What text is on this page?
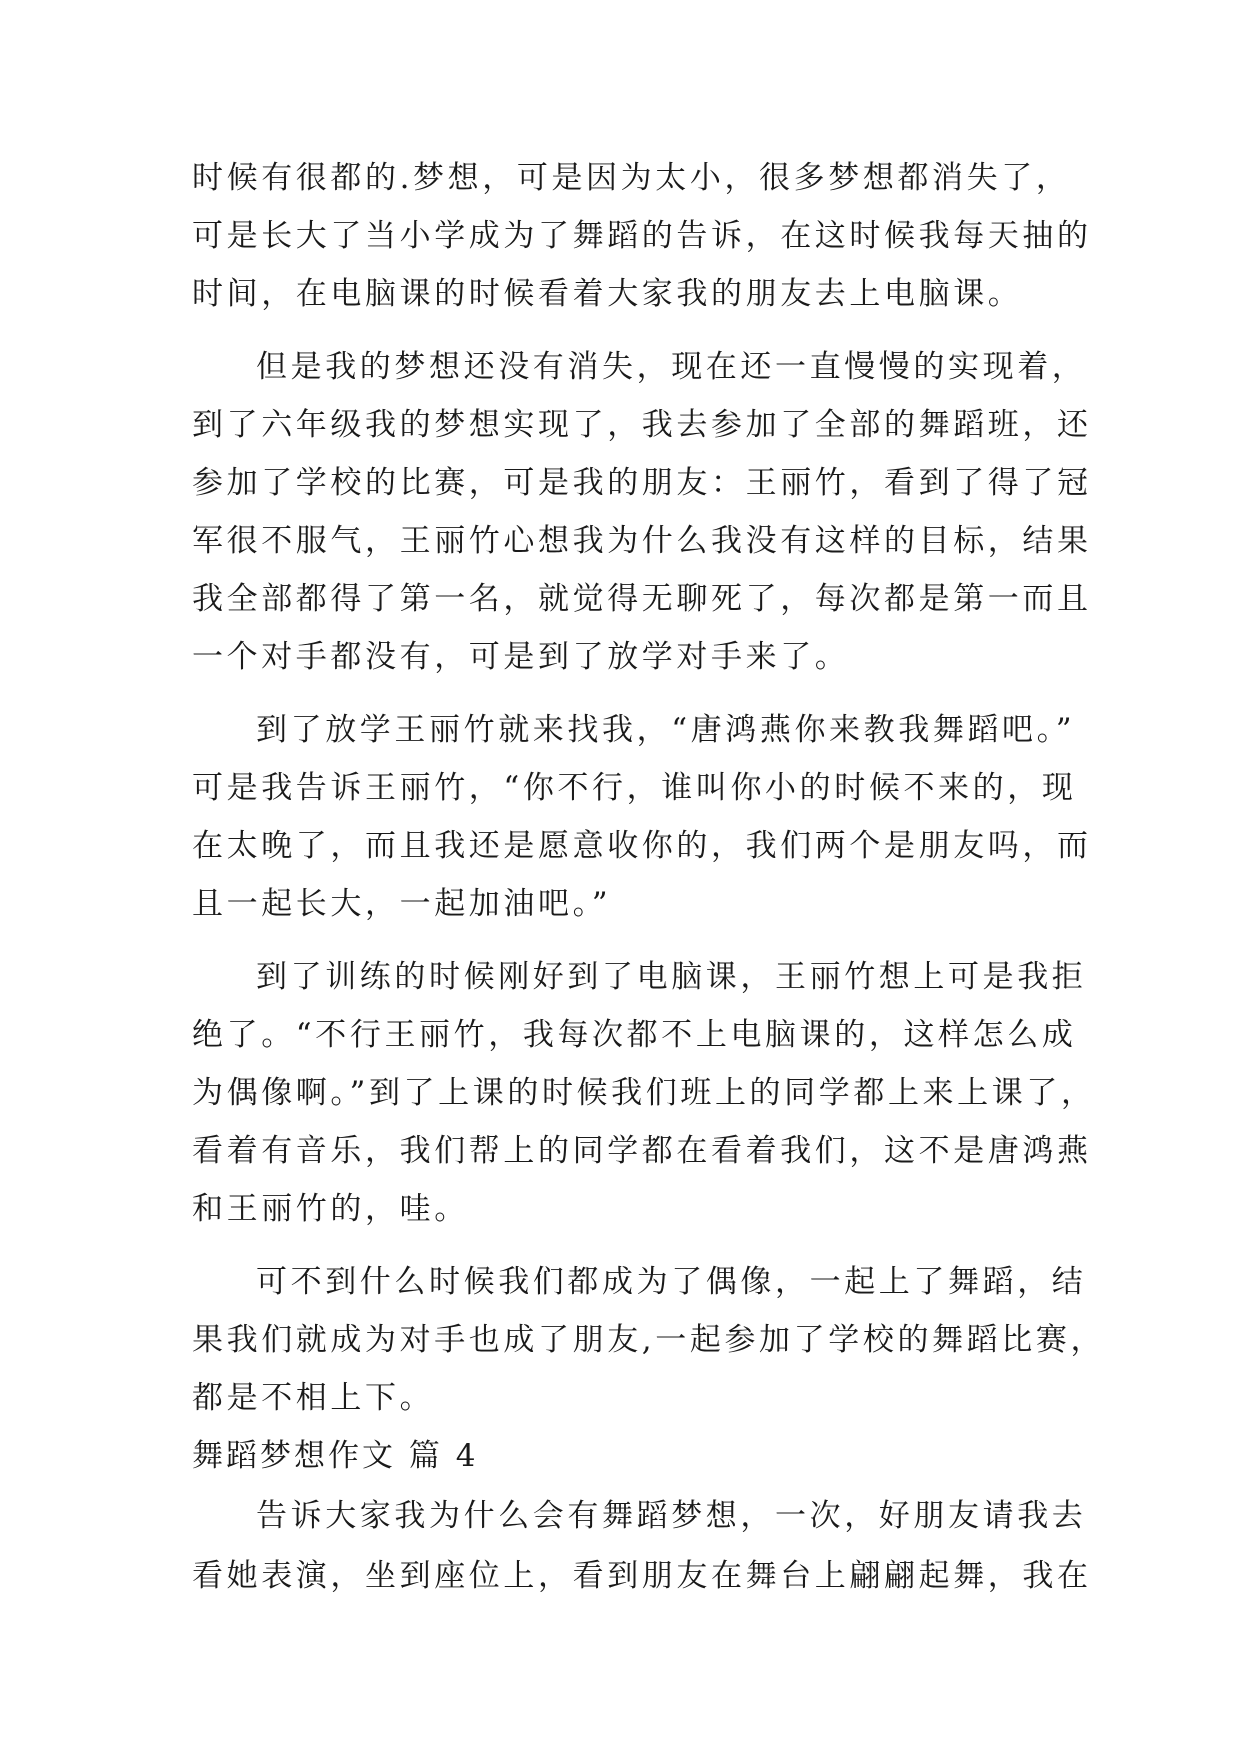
时候有很都的.梦想，可是因为太小，很多梦想都消失了，
可是长大了当小学成为了舞蹈的告诉，在这时候我每天抽的
时间，在电脑课的时候看着大家我的朋友去上电脑课。
但是我的梦想还没有消失，现在还一直慢慢的实现着，
到了六年级我的梦想实现了，我去参加了全部的舞蹈班，还
参加了学校的比赛，可是我的朋友：王丽竹，看到了得了冠
军很不服气，王丽竹心想我为什么我没有这样的目标，结果
我全部都得了第一名，就觉得无聊死了，每次都是第一而且
一个对手都没有，可是到了放学对手来了。
到了放学王丽竹就来找我，“唐鸿燕你来教我舞蹈吧。”
可是我告诉王丽竹，“你不行，谁叫你小的时候不来的，现
在太晚了，而且我还是愿意收你的，我们两个是朋友吗，而
且一起长大，一起加油吧。”
到了训练的时候刚好到了电脑课，王丽竹想上可是我拒
绝了。“不行王丽竹，我每次都不上电脑课的，这样怎么成
为偶像啊。”到了上课的时候我们班上的同学都上来上课了，
看着有音乐，我们帮上的同学都在看着我们，这不是唐鸿燕
和王丽竹的，哇。
可不到什么时候我们都成为了偶像，一起上了舞蹈，结
果我们就成为对手也成了朋友,一起参加了学校的舞蹈比赛，
都是不相上下。
舞蹈梦想作文 篇 4
告诉大家我为什么会有舞蹈梦想，一次，好朋友请我去
看她表演，坐到座位上，看到朋友在舞台上翩翩起舞，我在
